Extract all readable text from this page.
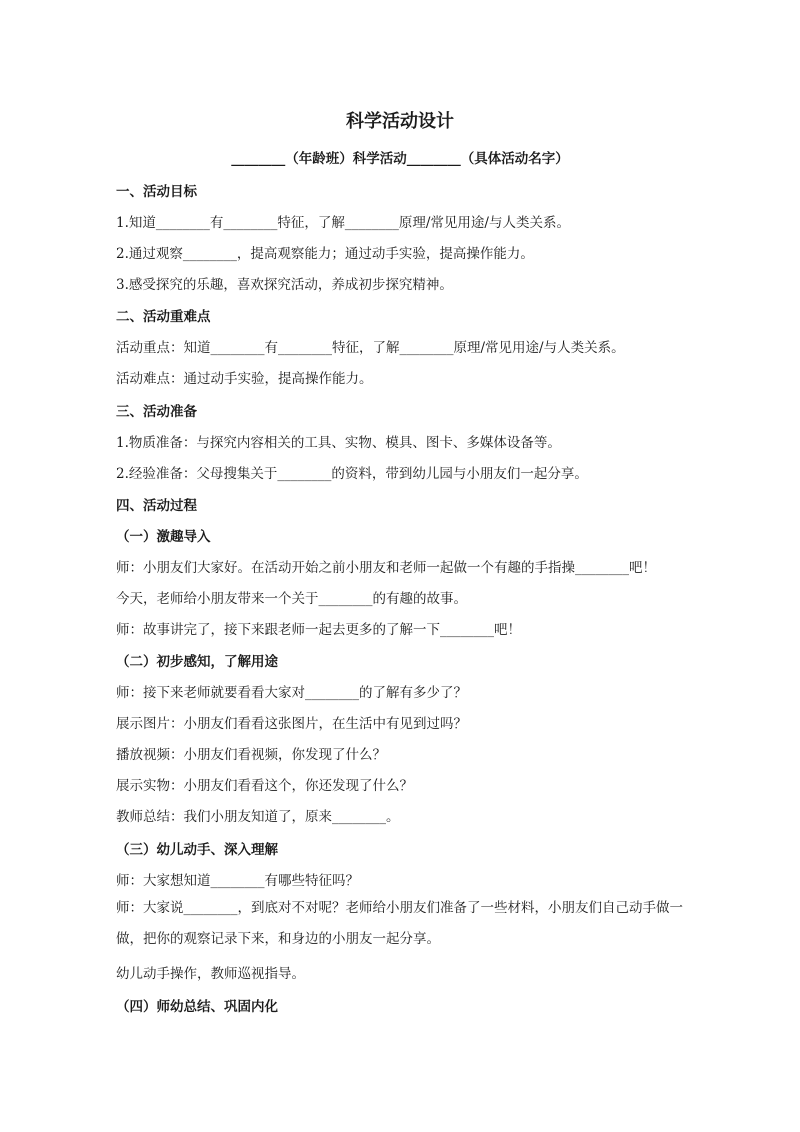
科学活动设计
________（年龄班）科学活动________（具体活动名字）
一、活动目标
1.知道________有________特征，了解________原理/常见用途/与人类关系。
2.通过观察________，提高观察能力；通过动手实验，提高操作能力。
3.感受探究的乐趣，喜欢探究活动，养成初步探究精神。
二、活动重难点
活动重点：知道________有________特征，了解________原理/常见用途/与人类关系。
活动难点：通过动手实验，提高操作能力。
三、活动准备
1.物质准备：与探究内容相关的工具、实物、模具、图卡、多媒体设备等。
2.经验准备：父母搜集关于________的资料，带到幼儿园与小朋友们一起分享。
四、活动过程
（一）激趣导入
师：小朋友们大家好。在活动开始之前小朋友和老师一起做一个有趣的手指操________吧！
今天，老师给小朋友带来一个关于________的有趣的故事。
师：故事讲完了，接下来跟老师一起去更多的了解一下________吧！
（二）初步感知，了解用途
师：接下来老师就要看看大家对________的了解有多少了？
展示图片：小朋友们看看这张图片，在生活中有见到过吗？
播放视频：小朋友们看视频，你发现了什么？
展示实物：小朋友们看看这个，你还发现了什么？
教师总结：我们小朋友知道了，原来________。
（三）幼儿动手、深入理解
师：大家想知道________有哪些特征吗？
师：大家说________，到底对不对呢？老师给小朋友们准备了一些材料，小朋友们自己动手做一做，把你的观察记录下来，和身边的小朋友一起分享。
幼儿动手操作，教师巡视指导。
（四）师幼总结、巩固内化
